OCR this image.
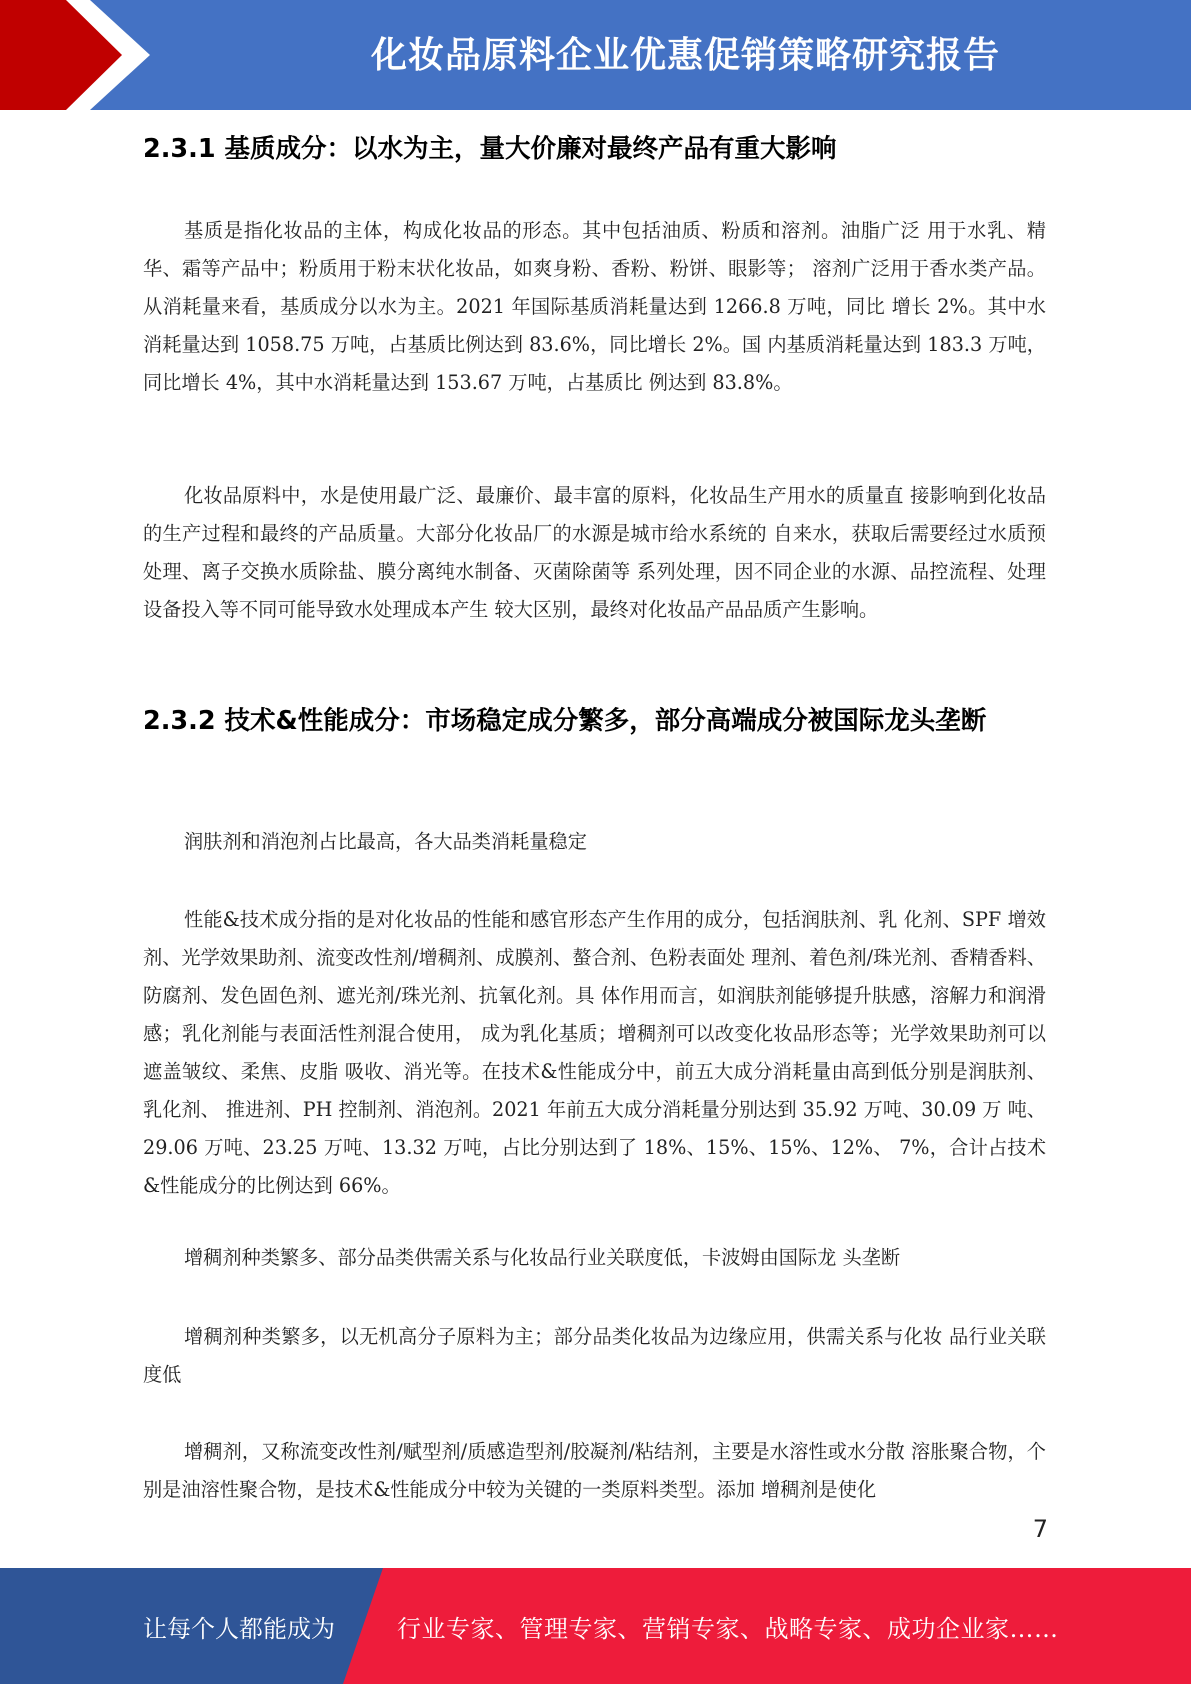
化妆品原料企业优惠促销策略研究报告
2.3.1 基质成分：以水为主，量大价廉对最终产品有重大影响

基质是指化妆品的主体，构成化妆品的形态。其中包括油质、粉质和溶剂。油脂广泛 用于水乳、精华、霜等产品中；粉质用于粉末状化妆品，如爽身粉、香粉、粉饼、眼影等； 溶剂广泛用于香水类产品。 从消耗量来看，基质成分以水为主。2021 年国际基质消耗量达到 1266.8 万吨，同比 增长 2%。其中水消耗量达到 1058.75 万吨，占基质比例达到 83.6%，同比增长 2%。国 内基质消耗量达到 183.3 万吨，同比增长 4%，其中水消耗量达到 153.67 万吨，占基质比 例达到 83.8%。

化妆品原料中，水是使用最广泛、最廉价、最丰富的原料，化妆品生产用水的质量直 接影响到化妆品的生产过程和最终的产品质量。大部分化妆品厂的水源是城市给水系统的 自来水，获取后需要经过水质预处理、离子交换水质除盐、膜分离纯水制备、灭菌除菌等 系列处理，因不同企业的水源、品控流程、处理设备投入等不同可能导致水处理成本产生 较大区别，最终对化妆品产品品质产生影响。

2.3.2 技术&性能成分：市场稳定成分繁多，部分高端成分被国际龙头垄断

润肤剂和消泡剂占比最高，各大品类消耗量稳定

性能&技术成分指的是对化妆品的性能和感官形态产生作用的成分，包括润肤剂、乳 化剂、SPF 增效剂、光学效果助剂、流变改性剂/增稠剂、成膜剂、螯合剂、色粉表面处 理剂、着色剂/珠光剂、香精香料、防腐剂、发色固色剂、遮光剂/珠光剂、抗氧化剂。具 体作用而言，如润肤剂能够提升肤感，溶解力和润滑感；乳化剂能与表面活性剂混合使用， 成为乳化基质；增稠剂可以改变化妆品形态等；光学效果助剂可以遮盖皱纹、柔焦、皮脂 吸收、消光等。在技术&性能成分中，前五大成分消耗量由高到低分别是润肤剂、乳化剂、 推进剂、PH 控制剂、消泡剂。2021 年前五大成分消耗量分别达到 35.92 万吨、30.09 万 吨、29.06 万吨、23.25 万吨、13.32 万吨，占比分别达到了 18%、15%、15%、12%、 7%，合计占技术&性能成分的比例达到 66%。

增稠剂种类繁多、部分品类供需关系与化妆品行业关联度低，卡波姆由国际龙 头垄断

增稠剂种类繁多，以无机高分子原料为主；部分品类化妆品为边缘应用，供需关系与化妆 品行业关联度低

增稠剂，又称流变改性剂/赋型剂/质感造型剂/胶凝剂/粘结剂，主要是水溶性或水分散 溶胀聚合物，个别是油溶性聚合物，是技术&性能成分中较为关键的一类原料类型。添加 增稠剂是使化

7
让每个人都能成为	行业专家、管理专家、营销专家、战略专家、成功企业家……
